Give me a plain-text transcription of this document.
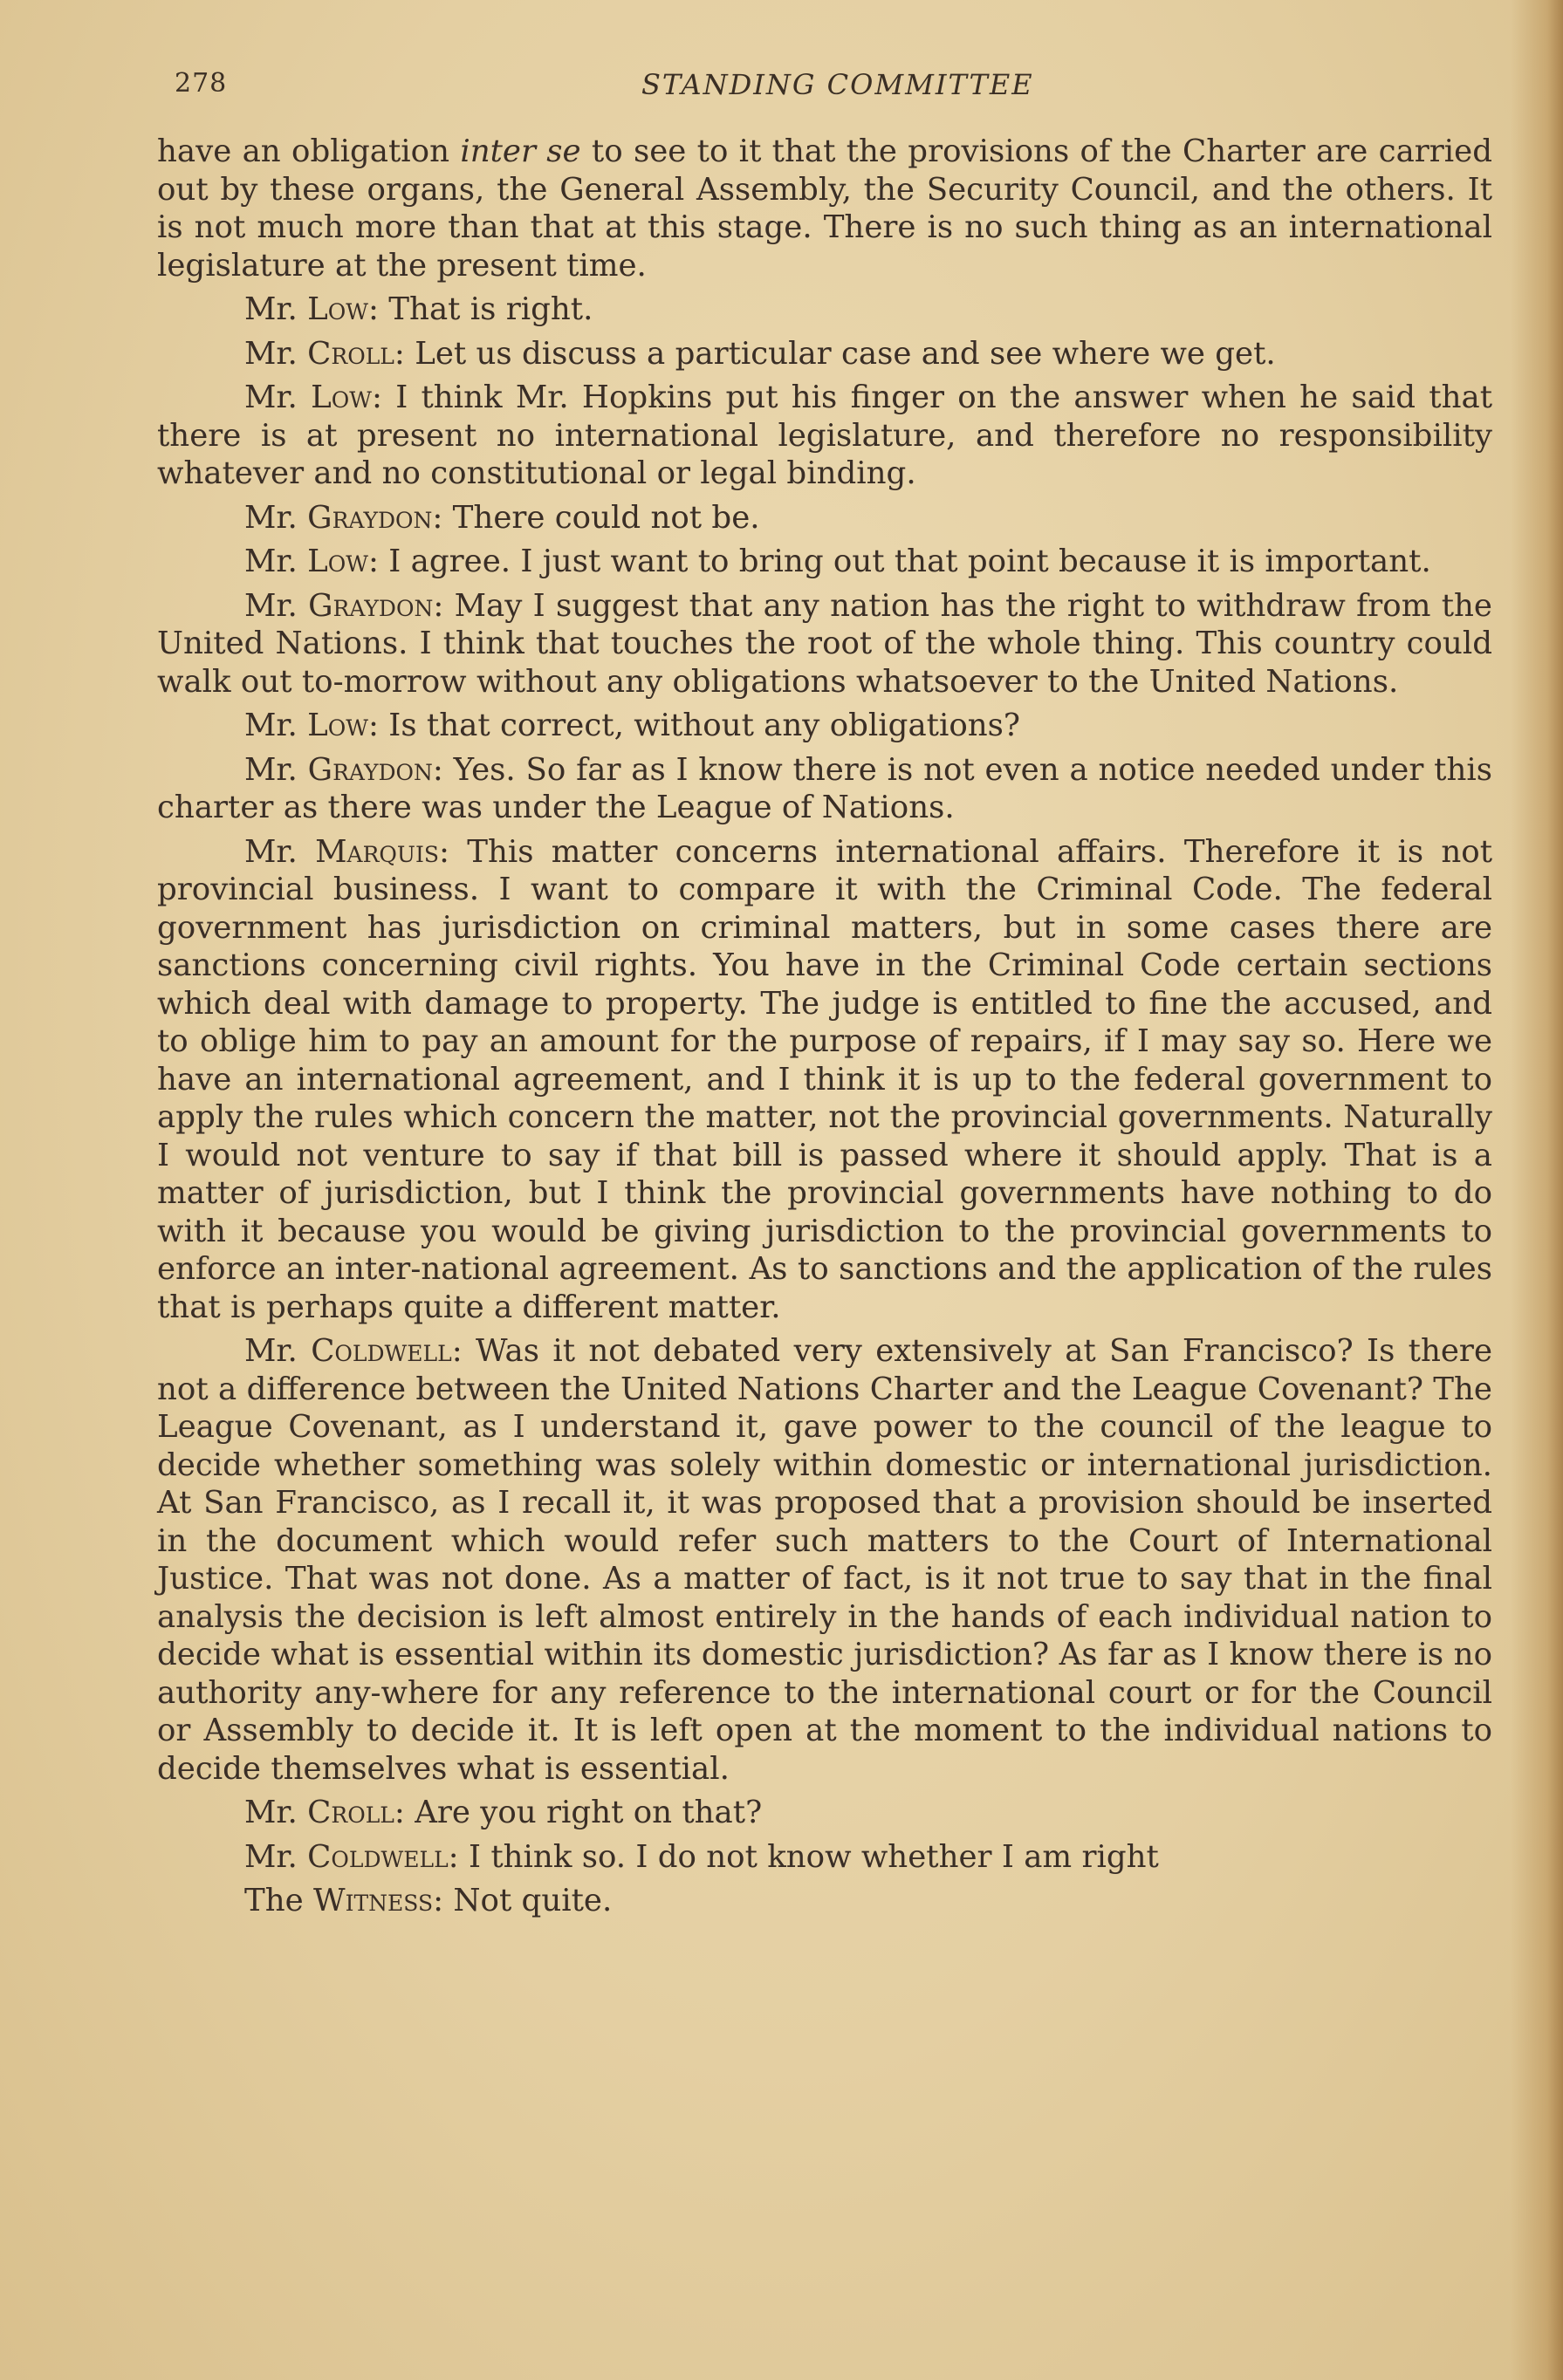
278	STANDING COMMITTEE

have an obligation inter se to see to it that the provisions of the Charter are carried out by these organs, the General Assembly, the Security Council, and the others. It is not much more than that at this stage. There is no such thing as an international legislature at the present time.

Mr. Low: That is right.

Mr. Croll: Let us discuss a particular case and see where we get.

Mr. Low: I think Mr. Hopkins put his finger on the answer when he said that there is at present no international legislature, and therefore no responsibility whatever and no constitutional or legal binding.

Mr. Graydon: There could not be.

Mr. Low: I agree. I just want to bring out that point because it is important.

Mr. Graydon: May I suggest that any nation has the right to withdraw from the United Nations. I think that touches the root of the whole thing. This country could walk out to-morrow without any obligations whatsoever to the United Nations.

Mr. Low: Is that correct, without any obligations?

Mr. Graydon: Yes. So far as I know there is not even a notice needed under this charter as there was under the League of Nations.

Mr. Marquis: This matter concerns international affairs. Therefore it is not provincial business. I want to compare it with the Criminal Code. The federal government has jurisdiction on criminal matters, but in some cases there are sanctions concerning civil rights. You have in the Criminal Code certain sections which deal with damage to property. The judge is entitled to fine the accused, and to oblige him to pay an amount for the purpose of repairs, if I may say so. Here we have an international agreement, and I think it is up to the federal government to apply the rules which concern the matter, not the provincial governments. Naturally I would not venture to say if that bill is passed where it should apply. That is a matter of jurisdiction, but I think the provincial governments have nothing to do with it because you would be giving jurisdiction to the provincial governments to enforce an inter-national agreement. As to sanctions and the application of the rules that is perhaps quite a different matter.

Mr. Coldwell: Was it not debated very extensively at San Francisco? Is there not a difference between the United Nations Charter and the League Covenant? The League Covenant, as I understand it, gave power to the council of the league to decide whether something was solely within domestic or international jurisdiction. At San Francisco, as I recall it, it was proposed that a provision should be inserted in the document which would refer such matters to the Court of International Justice. That was not done. As a matter of fact, is it not true to say that in the final analysis the decision is left almost entirely in the hands of each individual nation to decide what is essential within its domestic jurisdiction? As far as I know there is no authority any-where for any reference to the international court or for the Council or Assembly to decide it. It is left open at the moment to the individual nations to decide themselves what is essential.

Mr. Croll: Are you right on that?

Mr. Coldwell: I think so. I do not know whether I am right

The Witness: Not quite.
